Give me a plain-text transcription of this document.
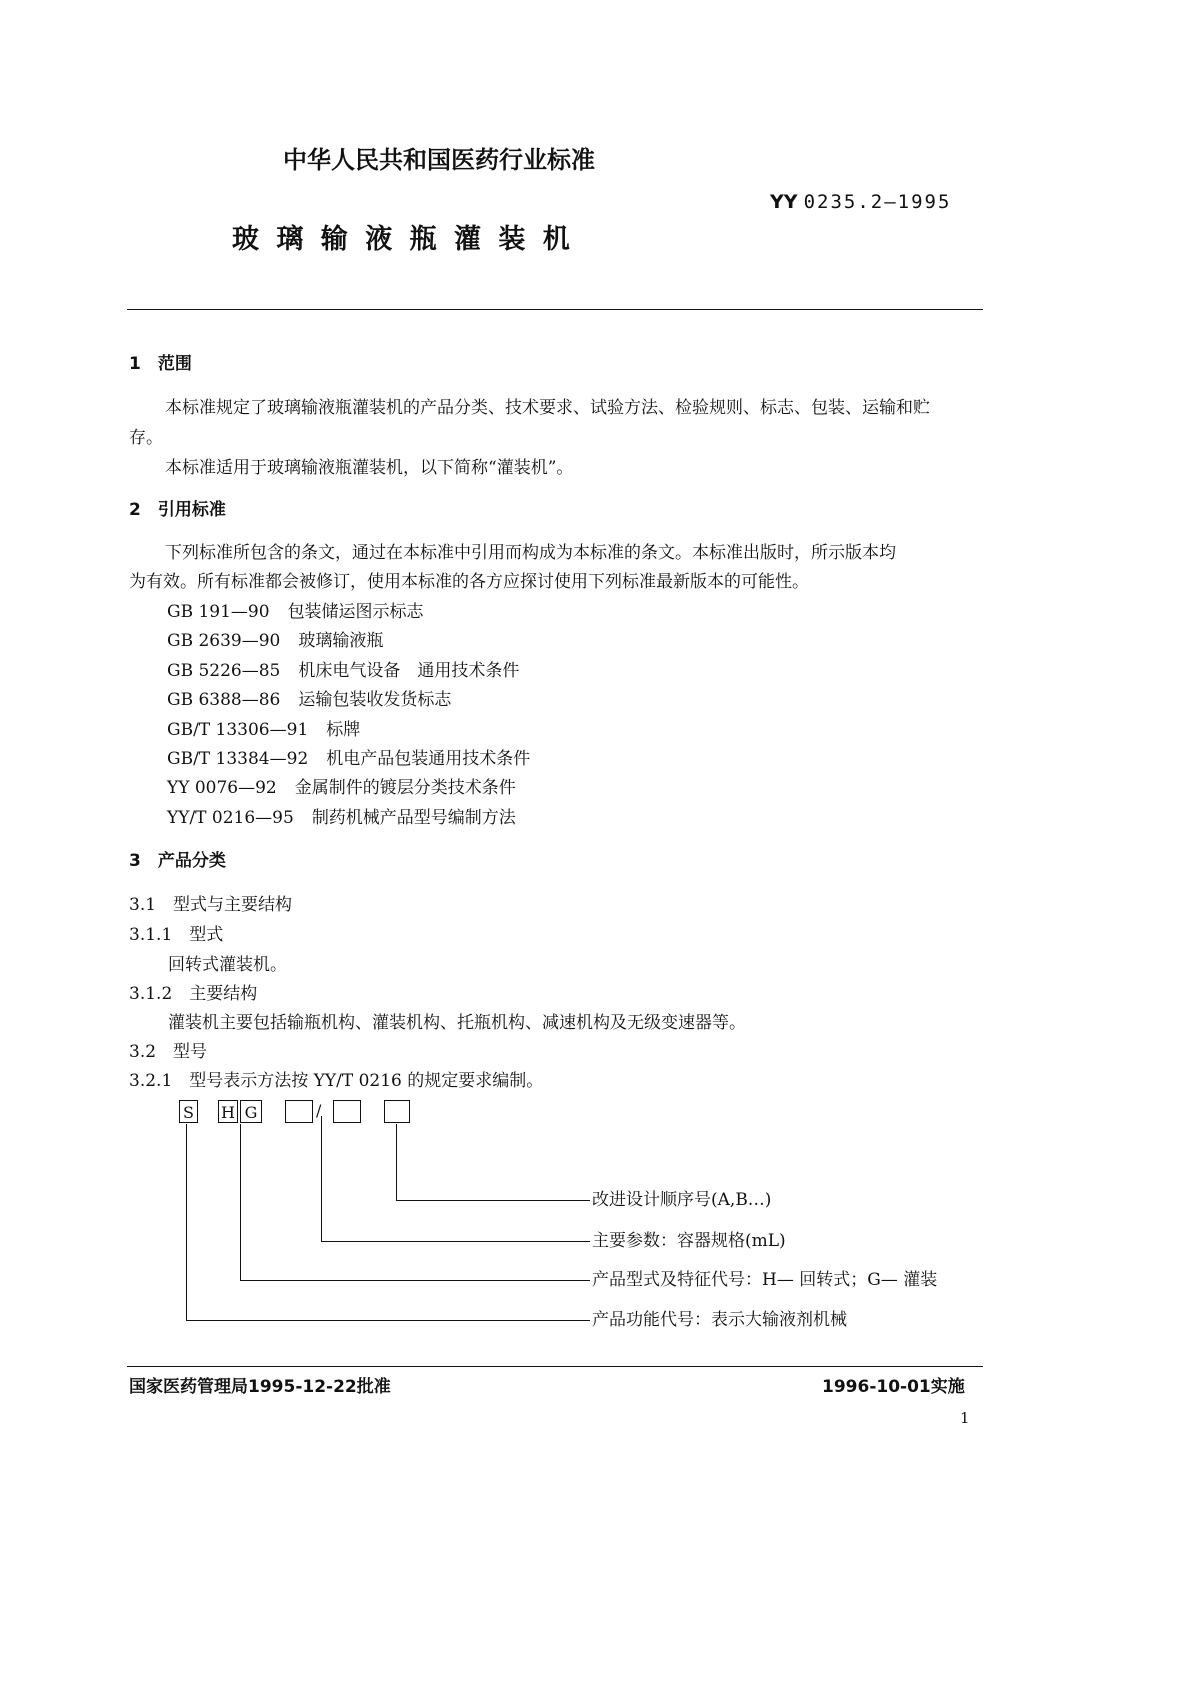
中华人民共和国医药行业标准
YY 0235.2—1995
玻 璃 输 液 瓶 灌 装 机
1　 范围
本标准规定了玻璃输液瓶灌装机的产品分类、技术要求、试验方法、检验规则、标志、包装、运输和贮
存。
本标准适用于玻璃输液瓶灌装机，以下简称“灌装机”。
2　 引用标准
下列标准所包含的条文，通过在本标准中引用而构成为本标准的条文。本标准出版时，所示版本均
为有效。所有标准都会被修订，使用本标准的各方应探讨使用下列标准最新版本的可能性。
GB 191—90 包装储运图示标志
GB 2639—90 玻璃输液瓶
GB 5226—85 机床电气设备　通用技术条件
GB 6388—86 运输包装收发货标志
GB/T 13306—91 标牌
GB/T 13384—92 机电产品包装通用技术条件
YY 0076—92 金属制件的镀层分类技术条件
YY/T 0216—95 制药机械产品型号编制方法
3　 产品分类
3.1　型式与主要结构
3.1.1　型式
回转式灌装机。
3.1.2　主要结构
灌装机主要包括输瓶机构、灌装机构、托瓶机构、减速机构及无级变速器等。
3.2　型号
3.2.1　型号表示方法按 YY/T 0216 的规定要求编制。
S H G	/
改进设计顺序号(A,B…)
主要参数：容器规格(mL)
产品型式及特征代号：H— 回转式；G— 灌装
产品功能代号：表示大输液剂机械
国家医药管理局1995-12-22批准	1996-10-01实施
1
